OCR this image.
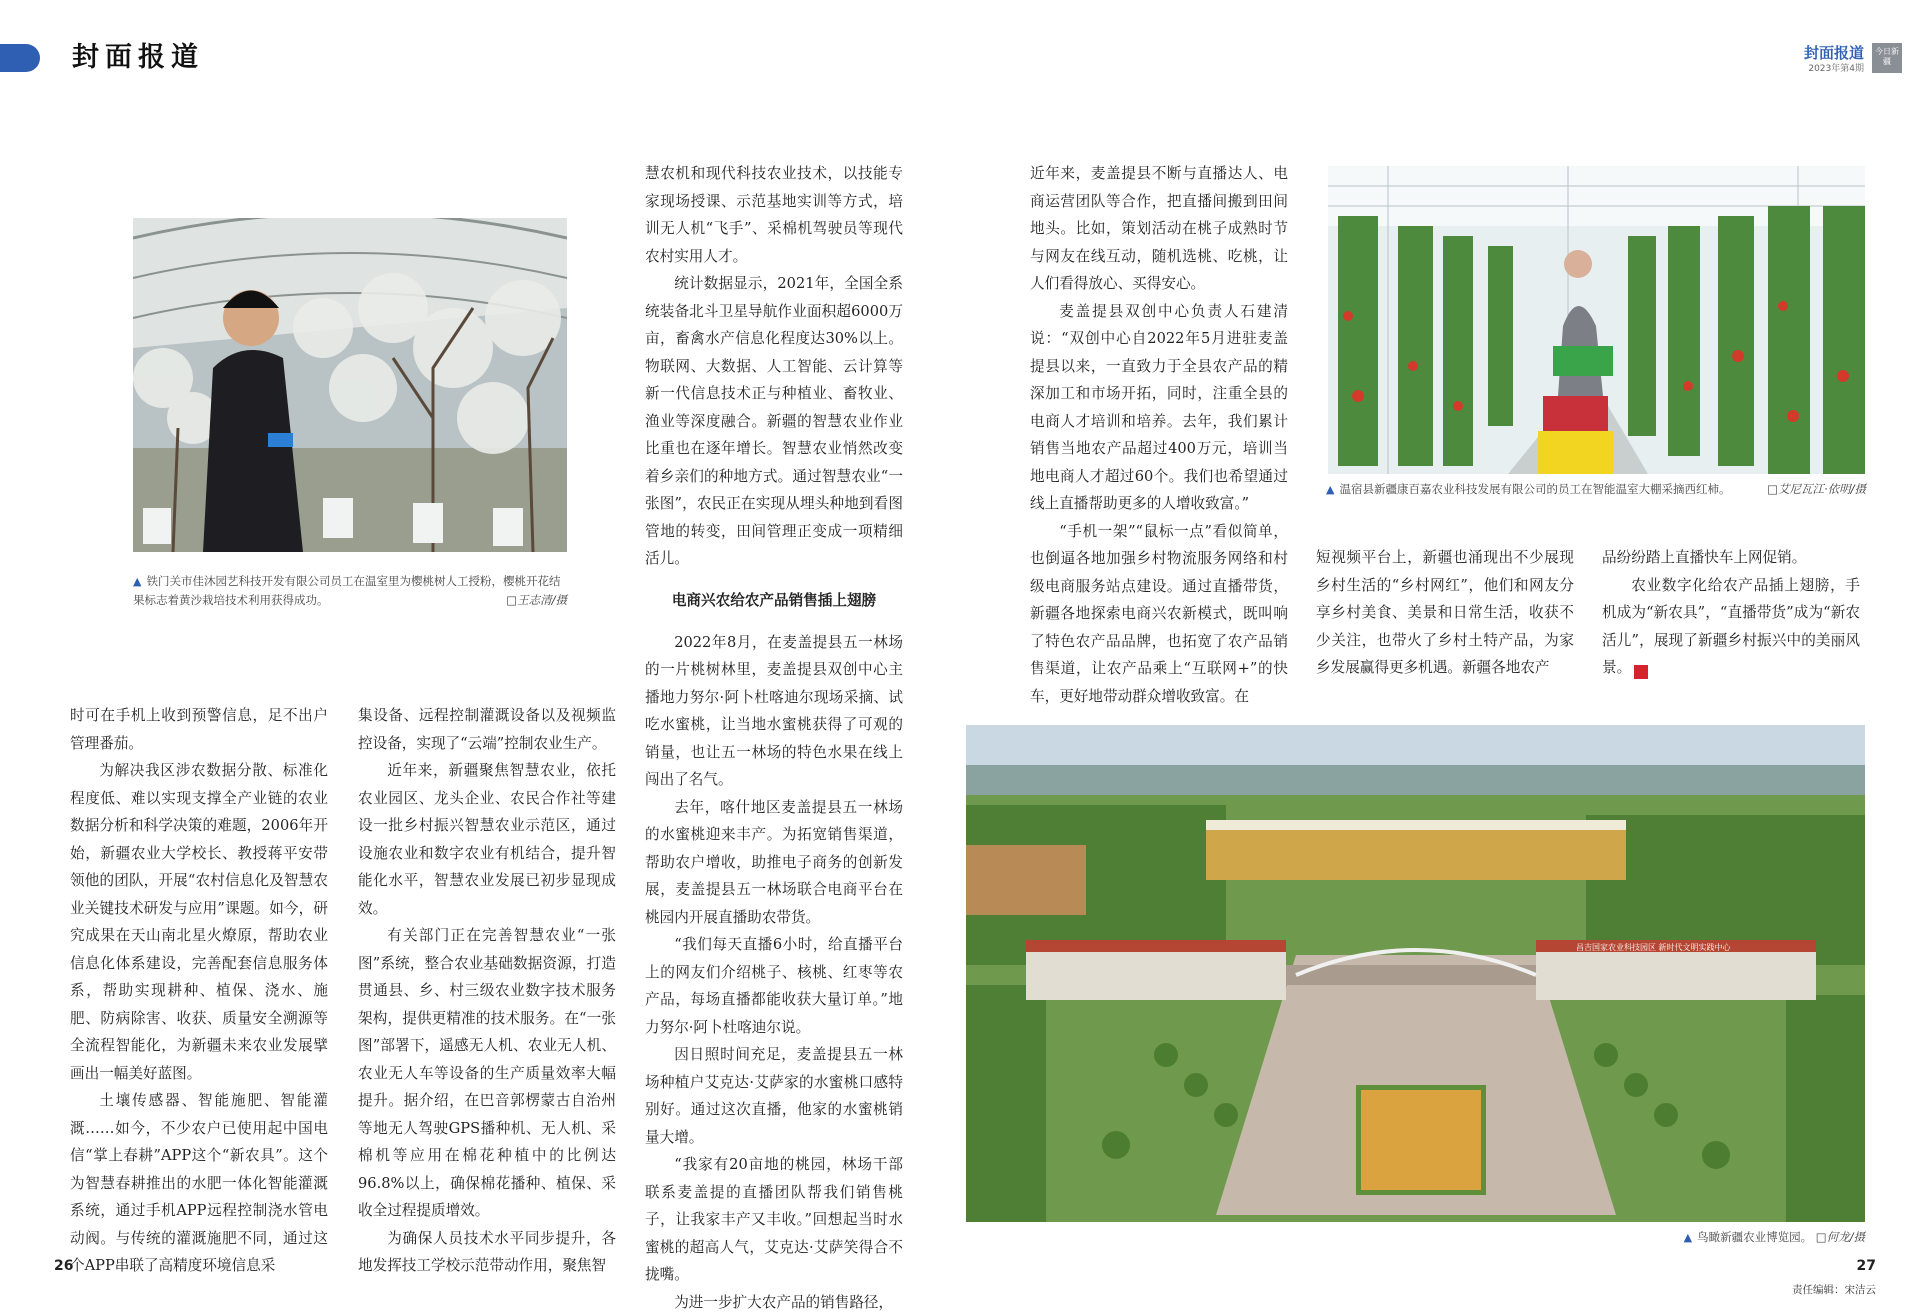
封面报道	封面报道
2023年第4期
今日新疆
▲ 铁门关市佳沐园艺科技开发有限公司员工在温室里为樱桃树人工授粉，樱桃开花结果标志着黄沙栽培技术利用获得成功。	□王志清/摄
▲ 温宿县新疆康百嘉农业科技发展有限公司的员工在智能温室大棚采摘西红柿。	□艾尼瓦江·依明/摄
昌吉国家农业科技园区 新时代文明实践中心
▲ 鸟瞰新疆农业博览园。 □何龙/摄

时可在手机上收到预警信息，足不出户管理番茄。

为解决我区涉农数据分散、标准化程度低、难以实现支撑全产业链的农业数据分析和科学决策的难题，2006年开始，新疆农业大学校长、教授蒋平安带领他的团队，开展“农村信息化及智慧农业关键技术研发与应用”课题。如今，研究成果在天山南北星火燎原，帮助农业信息化体系建设，完善配套信息服务体系，帮助实现耕种、植保、浇水、施肥、防病除害、收获、质量安全溯源等全流程智能化，为新疆未来农业发展擘画出一幅美好蓝图。

土壤传感器、智能施肥、智能灌溉……如今，不少农户已使用起中国电信“掌上春耕”APP这个“新农具”。这个为智慧春耕推出的水肥一体化智能灌溉系统，通过手机APP远程控制浇水管电动阀。与传统的灌溉施肥不同，通过这个APP串联了高精度环境信息采

集设备、远程控制灌溉设备以及视频监控设备，实现了“云端”控制农业生产。

近年来，新疆聚焦智慧农业，依托农业园区、龙头企业、农民合作社等建设一批乡村振兴智慧农业示范区，通过设施农业和数字农业有机结合，提升智能化水平，智慧农业发展已初步显现成效。

有关部门正在完善智慧农业“一张图”系统，整合农业基础数据资源，打造贯通县、乡、村三级农业数字技术服务架构，提供更精准的技术服务。在“一张图”部署下，遥感无人机、农业无人机、农业无人车等设备的生产质量效率大幅提升。据介绍，在巴音郭楞蒙古自治州等地无人驾驶GPS播种机、无人机、采棉机等应用在棉花种植中的比例达96.8%以上，确保棉花播种、植保、采收全过程提质增效。

为确保人员技术水平同步提升，各地发挥技工学校示范带动作用，聚焦智

慧农机和现代科技农业技术，以技能专家现场授课、示范基地实训等方式，培训无人机“飞手”、采棉机驾驶员等现代农村实用人才。

统计数据显示，2021年，全国全系统装备北斗卫星导航作业面积超6000万亩，畜禽水产信息化程度达30%以上。物联网、大数据、人工智能、云计算等新一代信息技术正与种植业、畜牧业、渔业等深度融合。新疆的智慧农业作业比重也在逐年增长。智慧农业悄然改变着乡亲们的种地方式。通过智慧农业“一张图”，农民正在实现从埋头种地到看图管地的转变，田间管理正变成一项精细活儿。

电商兴农给农产品销售插上翅膀

2022年8月，在麦盖提县五一林场的一片桃树林里，麦盖提县双创中心主播地力努尔·阿卜杜喀迪尔现场采摘、试吃水蜜桃，让当地水蜜桃获得了可观的销量，也让五一林场的特色水果在线上闯出了名气。

去年，喀什地区麦盖提县五一林场的水蜜桃迎来丰产。为拓宽销售渠道，帮助农户增收，助推电子商务的创新发展，麦盖提县五一林场联合电商平台在桃园内开展直播助农带货。

“我们每天直播6小时，给直播平台上的网友们介绍桃子、核桃、红枣等农产品，每场直播都能收获大量订单。”地力努尔·阿卜杜喀迪尔说。

因日照时间充足，麦盖提县五一林场种植户艾克达·艾萨家的水蜜桃口感特别好。通过这次直播，他家的水蜜桃销量大增。

“我家有20亩地的桃园，林场干部联系麦盖提的直播团队帮我们销售桃子，让我家丰产又丰收。”回想起当时水蜜桃的超高人气，艾克达·艾萨笑得合不拢嘴。

为进一步扩大农产品的销售路径，

近年来，麦盖提县不断与直播达人、电商运营团队等合作，把直播间搬到田间地头。比如，策划活动在桃子成熟时节与网友在线互动，随机选桃、吃桃，让人们看得放心、买得安心。

麦盖提县双创中心负责人石建清说：“双创中心自2022年5月进驻麦盖提县以来，一直致力于全县农产品的精深加工和市场开拓，同时，注重全县的电商人才培训和培养。去年，我们累计销售当地农产品超过400万元，培训当地电商人才超过60个。我们也希望通过线上直播帮助更多的人增收致富。”

“手机一架”“鼠标一点”看似简单，也倒逼各地加强乡村物流服务网络和村级电商服务站点建设。通过直播带货，新疆各地探索电商兴农新模式，既叫响了特色农产品品牌，也拓宽了农产品销售渠道，让农产品乘上“互联网+”的快车，更好地带动群众增收致富。在

短视频平台上，新疆也涌现出不少展现乡村生活的“乡村网红”，他们和网友分享乡村美食、美景和日常生活，收获不少关注，也带火了乡村土特产品，为家乡发展赢得更多机遇。新疆各地农产

品纷纷踏上直播快车上网促销。

农业数字化给农产品插上翅膀，手机成为“新农具”，“直播带货”成为“新农活儿”，展现了新疆乡村振兴中的美丽风景。	J

26	27
责任编辑：宋洁云
